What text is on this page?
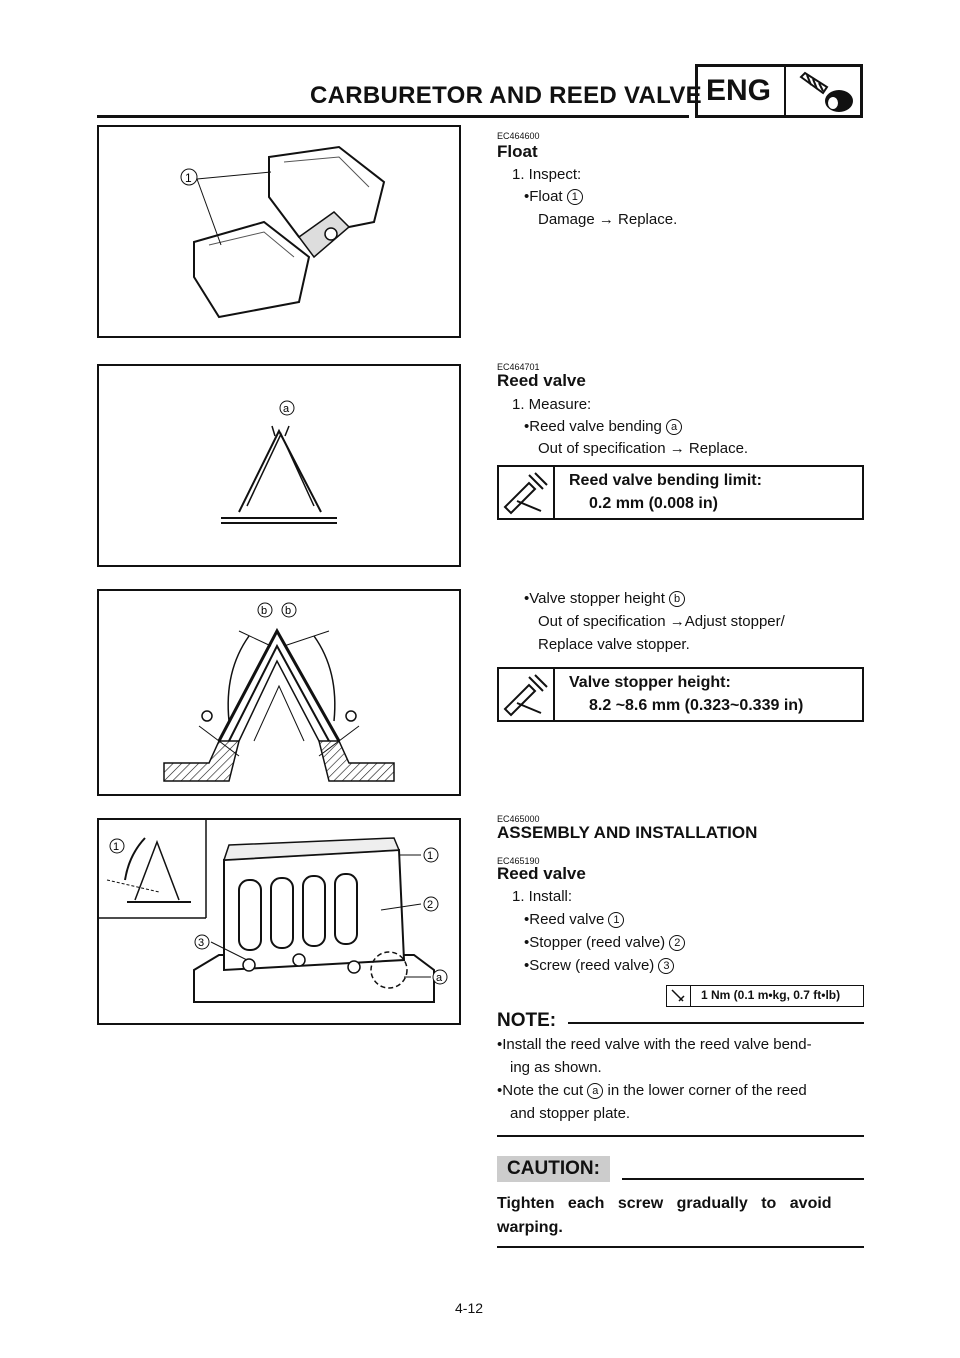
CARBURETOR AND REED VALVE ENG
1
EC464600
Float
1. Inspect:
•Float 1
Damage → Replace.
a
EC464701
Reed valve
1. Measure:
•Reed valve bending a
Out of specification → Replace.
Reed valve bending limit:
0.2 mm (0.008 in)
b b
•Valve stopper height b
Out of specification →Adjust stopper/
Replace valve stopper.
Valve stopper height:
8.2 ~8.6 mm (0.323~0.339 in)
1
1
2
3
a
EC465000
ASSEMBLY AND INSTALLATION
EC465190
Reed valve
1. Install:
•Reed valve 1
•Stopper (reed valve) 2
•Screw (reed valve) 3
1 Nm (0.1 m•kg, 0.7 ft•lb)
NOTE:
•Install the reed valve with the reed valve bend-
ing as shown.
•Note the cut a in the lower corner of the reed
and stopper plate.
CAUTION:
Tighten each screw gradually to avoid
warping.
4-12
